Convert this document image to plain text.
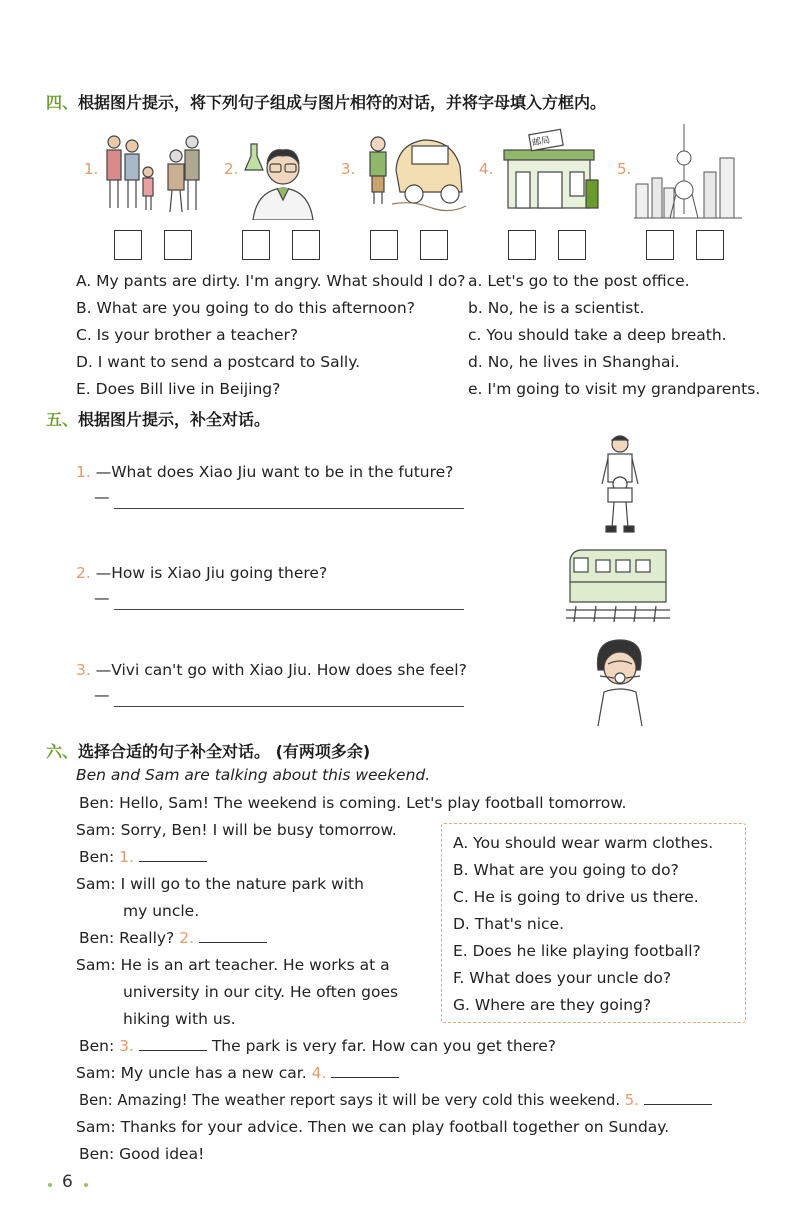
四、根据图片提示，将下列句子组成与图片相符的对话，并将字母填入方框内。
1.	2.	3.	4.	5.
邮局
A. My pants are dirty. I'm angry. What should I do?
B. What are you going to do this afternoon?
C. Is your brother a teacher?
D. I want to send a postcard to Sally.
E. Does Bill live in Beijing?
a. Let's go to the post office.
b. No, he is a scientist.
c. You should take a deep breath.
d. No, he lives in Shanghai.
e. I'm going to visit my grandparents.
五、根据图片提示，补全对话。
1. —What does Xiao Jiu want to be in the future?
—
2. —How is Xiao Jiu going there?
—
3. —Vivi can't go with Xiao Jiu. How does she feel?
—
六、选择合适的句子补全对话。 (有两项多余)
Ben and Sam are talking about this weekend.
Ben: Hello, Sam! The weekend is coming. Let's play football tomorrow.
Sam: Sorry, Ben! I will be busy tomorrow.
Ben: 1.
Sam: I will go to the nature park with
my uncle.
Ben: Really? 2.
Sam: He is an art teacher. He works at a
university in our city. He often goes
hiking with us.
Ben: 3.	The park is very far. How can you get there?
Sam: My uncle has a new car. 4.
Ben: Amazing! The weather report says it will be very cold this weekend. 5.
Sam: Thanks for your advice. Then we can play football together on Sunday.
Ben: Good idea!
A. You should wear warm clothes.
B. What are you going to do?
C. He is going to drive us there.
D. That's nice.
E. Does he like playing football?
F. What does your uncle do?
G. Where are they going?
6
